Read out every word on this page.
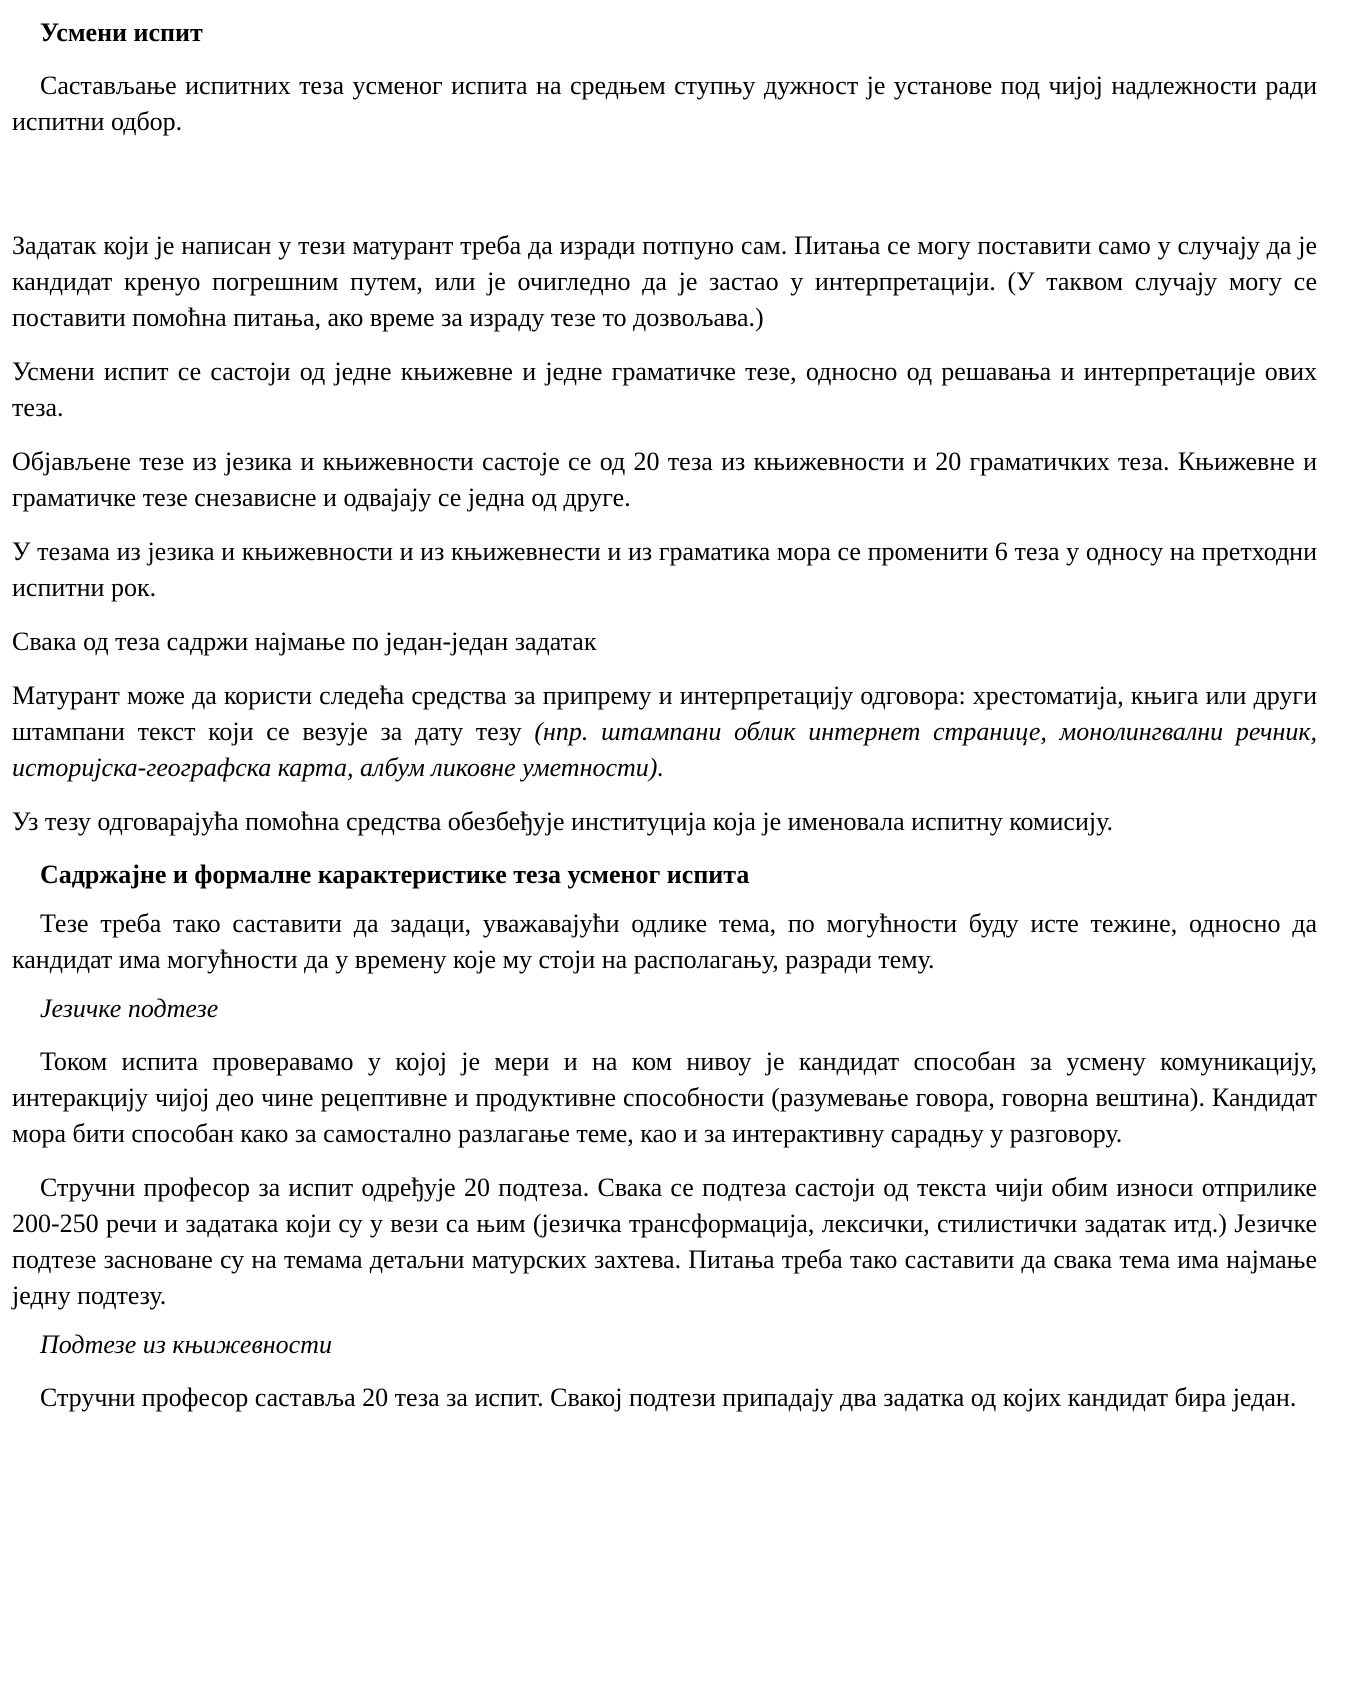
Усмени испит

Састављање испитних теза усменог испита на средњем ступњу дужност је установе под чијој надлежности ради испитни одбор.

Задатак који је написан у тези матурант треба да изради потпуно сам. Питања се могу поставити само у случају да је кандидат кренуо погрешним путем, или је очигледно да је застао у интерпретацији. (У таквом случају могу се поставити помоћна питања, ако време за израду тезе то дозвољава.)

Усмени испит се састоји од једне књижевне и једне граматичке тезе, односно од решавања и интерпретације ових теза.

Објављене тезе из језика и књижевности састоје се од 20 теза из књижевности и 20 граматичких теза. Књижевне и граматичке тезе снезависне и одвајају се једна од друге.

У тезама из језика и књижевности и из књижевнести и из граматика мора се променити 6 теза у односу на претходни испитни рок.

Свака од теза садржи најмање по један-један задатак

Матурант може да користи следећа средства за припрему и интерпретацију одговора: хрестоматија, књига или други штампани текст који се везује за дату тезу (нпр. штампани облик интернет странице, монолингвални речник, историјска-географска карта, албум ликовне уметности).

Уз тезу одговарајућа помоћна средства обезбеђује институција која је именовала испитну комисију.

Садржајне и формалне карактеристике теза усменог испита

Тезе треба тако саставити да задаци, уважавајући одлике тема, по могућности буду исте тежине, односно да кандидат има могућности да у времену које му стоји на располагању, разради тему.

Језичке подтезе

Током испита проверавамо у којој је мери и на ком нивоу је кандидат способан за усмену комуникацију, интеракцију чијој део чине рецептивне и продуктивне способности (разумевање говора, говорна вештина). Кандидат мора бити способан како за самостално разлагање теме, као и за интерактивну сарадњу у разговору.

Стручни професор за испит одређује 20 подтеза. Свака се подтеза састоји од текста чији обим износи отприлике 200-250 речи и задатака који су у вези са њим (језичка трансформација, лексички, стилистички задатак итд.) Језичке подтезе засноване су на темама детаљни матурских захтева. Питања треба тако саставити да свака тема има најмање једну подтезу.

Подтезе из књижевности

Стручни професор саставља 20 теза за испит. Свакој подтези припадају два задатка од којих кандидат бира један.
